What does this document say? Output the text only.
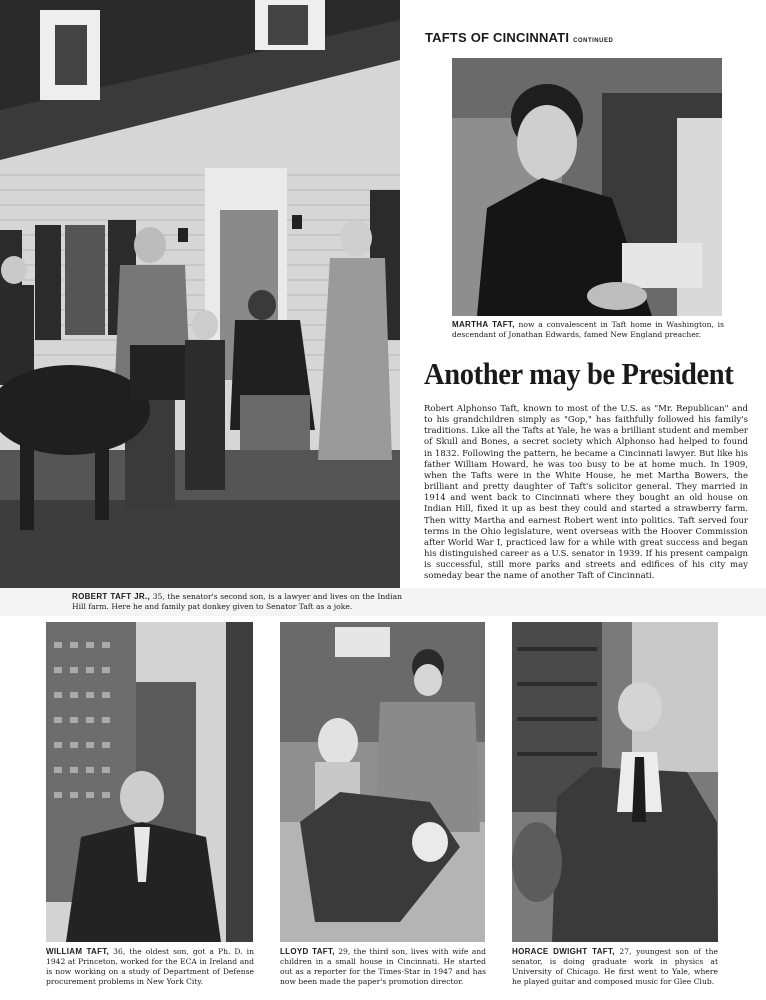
TAFTS OF CINCINNATI CONTINUED
MARTHA TAFT, now a convalescent in Taft home in Washington, is descendant of Jonathan Edwards, famed New England preacher.
Another may be President
Robert Alphonso Taft, known to most of the U.S. as "Mr. Republican" and to his grandchildren simply as "Gop," has faithfully followed his family's traditions. Like all the Tafts at Yale, he was a brilliant student and member of Skull and Bones, a secret society which Alphonso had helped to found in 1832. Following the pattern, he became a Cincinnati lawyer. But like his father William Howard, he was too busy to be at home much. In 1909, when the Tafts were in the White House, he met Martha Bowers, the brilliant and pretty daughter of Taft's solicitor general. They married in 1914 and went back to Cincinnati where they bought an old house on Indian Hill, fixed it up as best they could and started a strawberry farm. Then witty Martha and earnest Robert went into politics. Taft served four terms in the Ohio legislature, went overseas with the Hoover Commission after World War I, practiced law for a while with great success and began his distinguished career as a U.S. senator in 1939. If his present campaign is successful, still more parks and streets and edifices of his city may someday bear the name of another Taft of Cincinnati.
ROBERT TAFT JR., 35, the senator's second son, is a lawyer and lives on the Indian Hill farm. Here he and family pat donkey given to Senator Taft as a joke.
WILLIAM TAFT, 36, the oldest son, got a Ph. D. in 1942 at Princeton, worked for the ECA in Ireland and is now working on a study of Department of Defense procurement problems in New York City.
LLOYD TAFT, 29, the third son, lives with wife and children in a small house in Cincinnati. He started out as a reporter for the Times-Star in 1947 and has now been made the paper's promotion director.
HORACE DWIGHT TAFT, 27, youngest son of the senator, is doing graduate work in physics at University of Chicago. He first went to Yale, where he played guitar and composed music for Glee Club.
